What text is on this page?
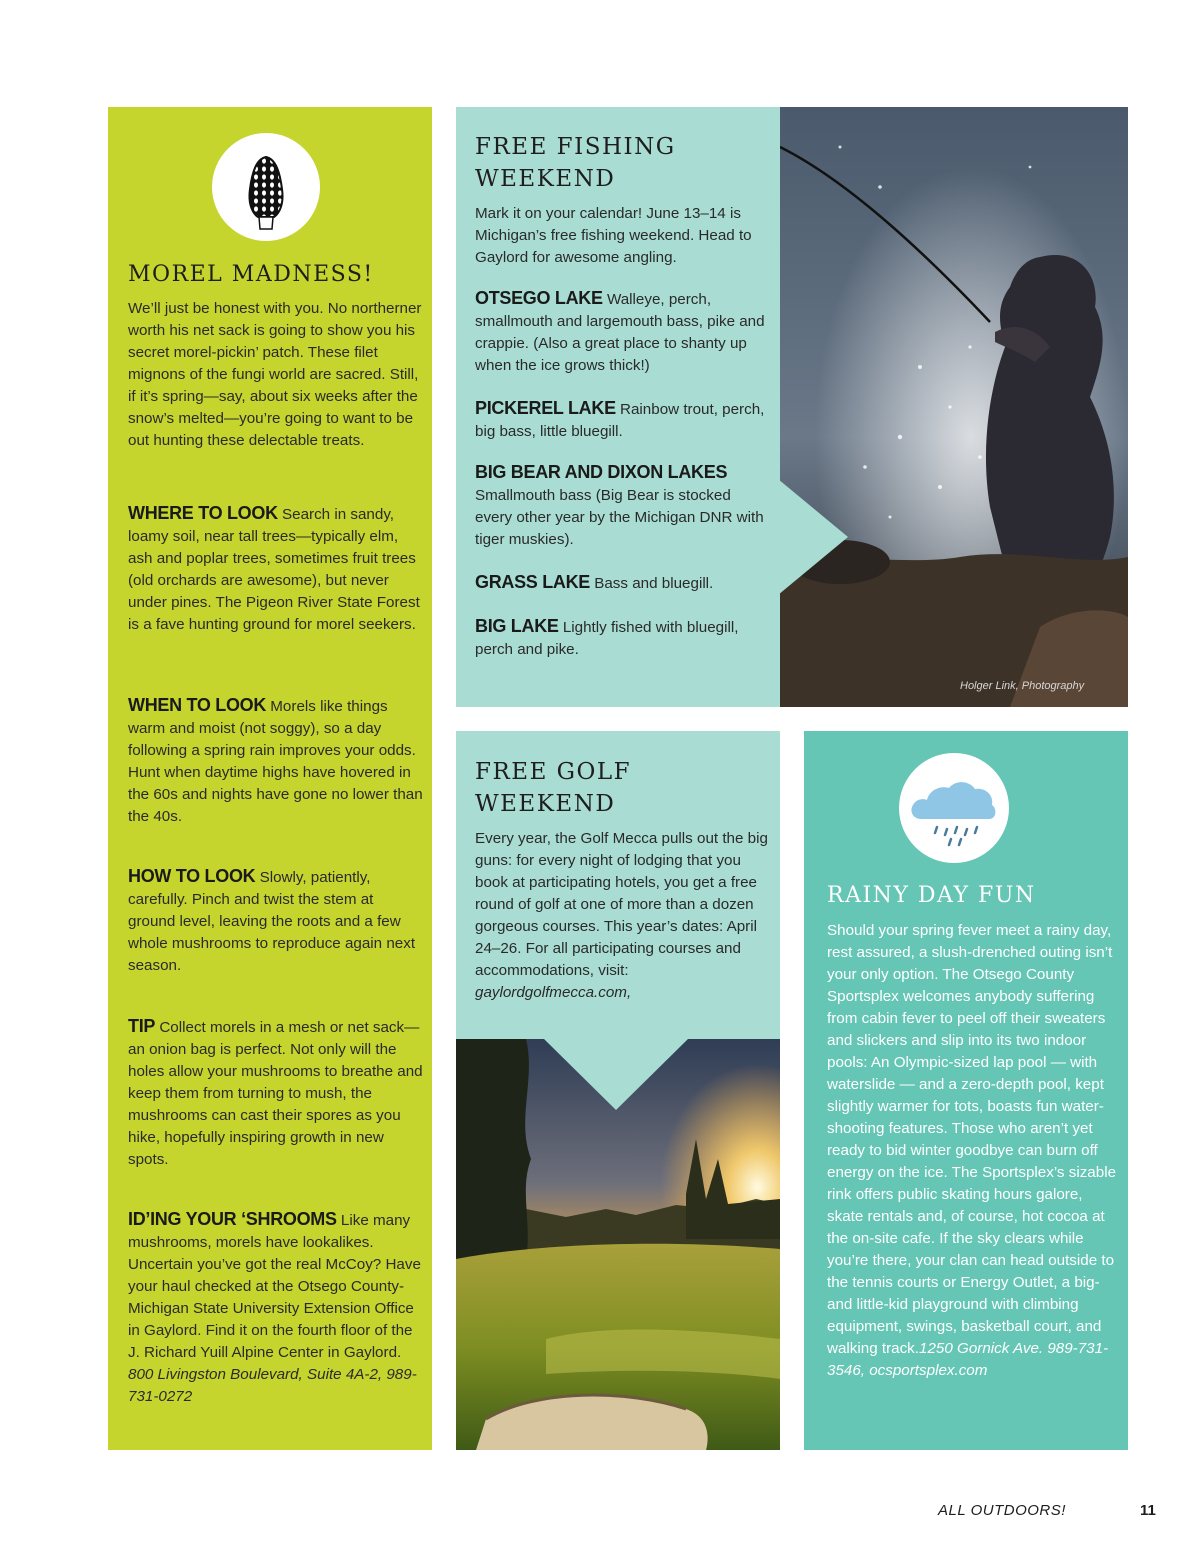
MOREL MADNESS!

We’ll just be honest with you. No northerner worth his net sack is going to show you his secret morel-pickin’ patch. These filet mignons of the fungi world are sacred. Still, if it’s spring—say, about six weeks after the snow’s melted—you’re going to want to be out hunting these delectable treats.

WHERE TO LOOK Search in sandy, loamy soil, near tall trees—typically elm, ash and poplar trees, sometimes fruit trees (old orchards are awesome), but never under pines. The Pigeon River State Forest is a fave hunting ground for morel seekers.

WHEN TO LOOK Morels like things warm and moist (not soggy), so a day following a spring rain improves your odds. Hunt when daytime highs have hovered in the 60s and nights have gone no lower than the 40s.

HOW TO LOOK Slowly, patiently, carefully. Pinch and twist the stem at ground level, leaving the roots and a few whole mushrooms to reproduce again next season.

TIP Collect morels in a mesh or net sack—an onion bag is perfect. Not only will the holes allow your mushrooms to breathe and keep them from turning to mush, the mushrooms can cast their spores as you hike, hopefully inspiring growth in new spots.

ID’ING YOUR ‘SHROOMS Like many mushrooms, morels have lookalikes. Uncertain you’ve got the real McCoy? Have your haul checked at the Otsego County-Michigan State University Extension Office in Gaylord. Find it on the fourth floor of the J. Richard Yuill Alpine Center in Gaylord. 800 Livingston Boulevard, Suite 4A-2, 989-731-0272

FREE FISHING WEEKEND

Mark it on your calendar! June 13–14 is Michigan’s free fishing weekend. Head to Gaylord for awesome angling.

OTSEGO LAKE Walleye, perch, smallmouth and largemouth bass, pike and crappie. (Also a great place to shanty up when the ice grows thick!)

PICKEREL LAKE Rainbow trout, perch, big bass, little bluegill.

BIG BEAR AND DIXON LAKES
Smallmouth bass (Big Bear is stocked every other year by the Michigan DNR with tiger muskies).

GRASS LAKE Bass and bluegill.

BIG LAKE Lightly fished with bluegill, perch and pike.

Holger Link, Photography
FREE GOLF WEEKEND

Every year, the Golf Mecca pulls out the big guns: for every night of lodging that you book at participating hotels, you get a free round of golf at one of more than a dozen gorgeous courses. This year’s dates: April 24–26. For all participating courses and accommodations, visit: gaylordgolfmecca.com,

RAINY DAY FUN

Should your spring fever meet a rainy day, rest assured, a slush-drenched outing isn’t your only option. The Otsego County Sportsplex welcomes anybody suffering from cabin fever to peel off their sweaters and slickers and slip into its two indoor pools: An Olympic-sized lap pool — with waterslide — and a zero-depth pool, kept slightly warmer for tots, boasts fun water-shooting features. Those who aren’t yet ready to bid winter goodbye can burn off energy on the ice. The Sportsplex’s sizable rink offers public skating hours galore, skate rentals and, of course, hot cocoa at the on-site cafe. If the sky clears while you’re there, your clan can head outside to the tennis courts or Energy Outlet, a big- and little-kid playground with climbing equipment, swings, basketball court, and walking track.1250 Gornick Ave. 989-731-3546, ocsportsplex.com

ALL OUTDOORS!	11
